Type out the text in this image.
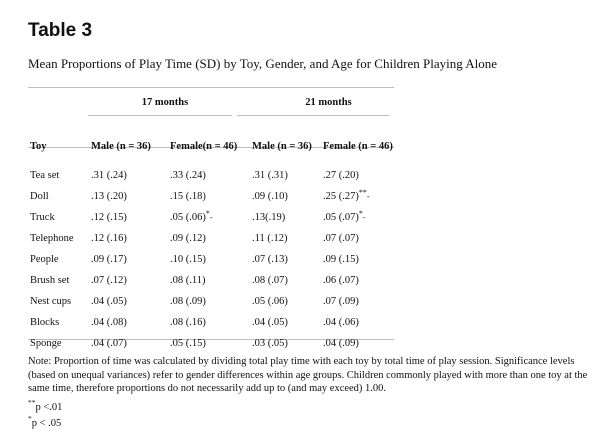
Table 3
Mean Proportions of Play Time (SD) by Toy, Gender, and Age for Children Playing Alone
	17 months		21 months	

Toy	Male (n = 36)	Female(n = 46)	Male (n = 36)	Female (n = 46)

Tea set	.31 (.24)	.33 (.24)	.31 (.31)	.27 (.20)
Doll	.13 (.20)	.15 (.18)	.09 (.10)	.25 (.27)**-
Truck	.12 (.15)	.05 (.06)*-	.13(.19)	.05 (.07)*-
Telephone	.12 (.16)	.09 (.12)	.11 (.12)	.07 (.07)
People	.09 (.17)	.10 (.15)	.07 (.13)	.09 (.15)
Brush set	.07 (.12)	.08 (.11)	.08 (.07)	.06 (.07)
Nest cups	.04 (.05)	.08 (.09)	.05 (.06)	.07 (.09)
Blocks	.04 (.08)	.08 (.16)	.04 (.05)	.04 (.06)
Sponge	.04 (.07)	.05 (.15)	.03 (.05)	.04 (.09)

Note: Proportion of time was calculated by dividing total play time with each toy by total time of play session. Significance levels (based on unequal variances) refer to gender differences within age groups. Children commonly played with more than one toy at the same time, therefore proportions do not necessarily add up to (and may exceed) 1.00.

**p <.01
*p < .05
